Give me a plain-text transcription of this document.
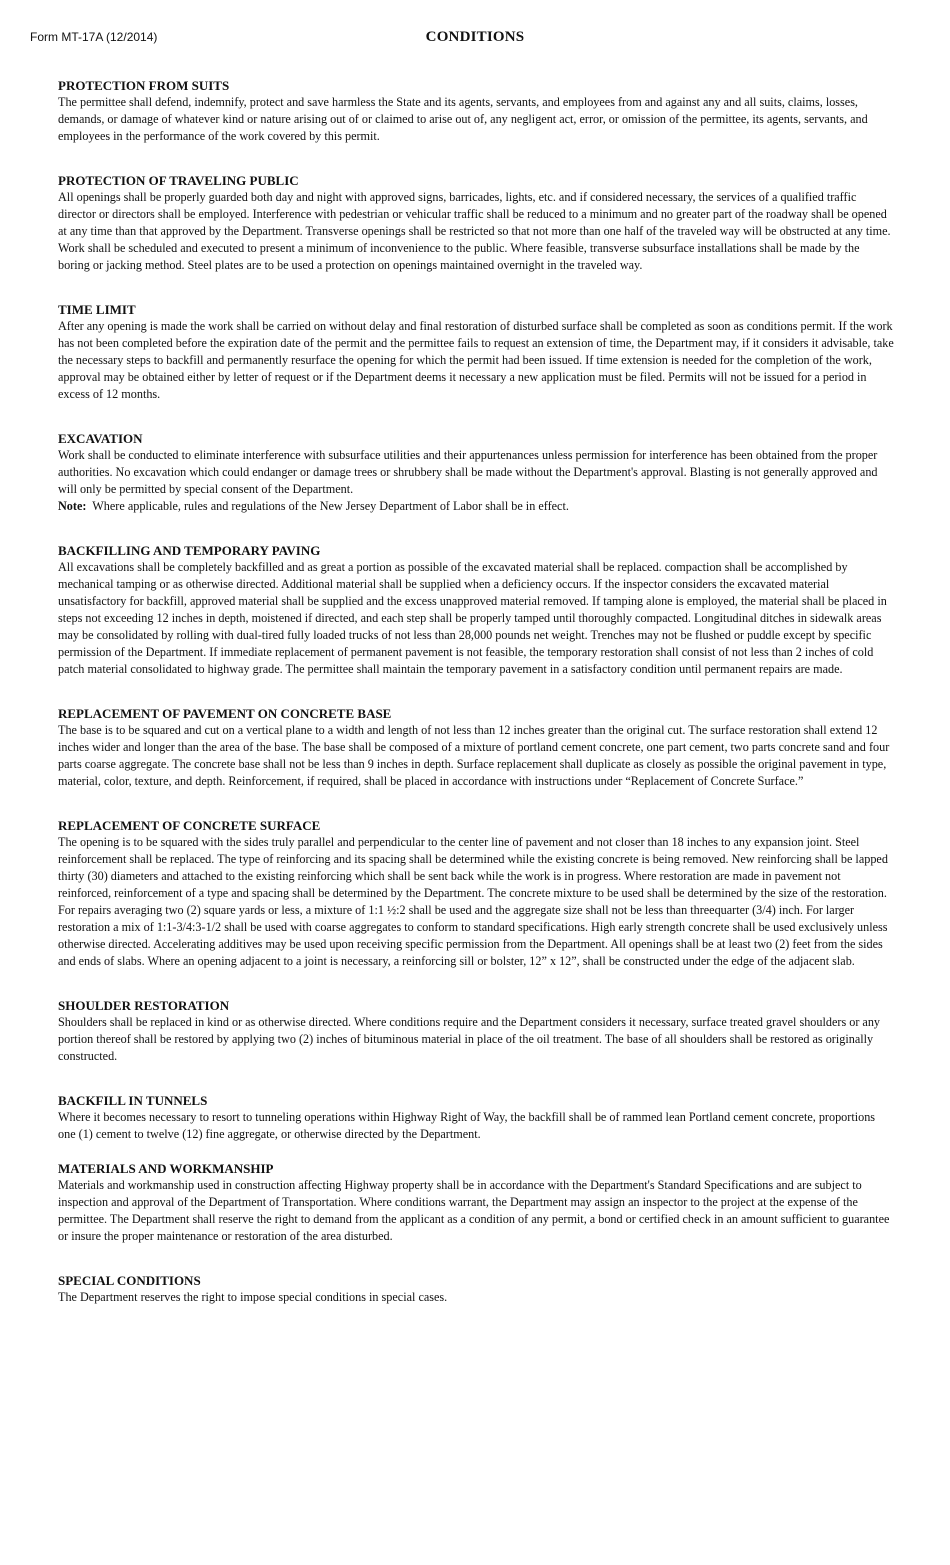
Form MT-17A (12/2014)	CONDITIONS
PROTECTION FROM SUITS

The permittee shall defend, indemnify, protect and save harmless the State and its agents, servants, and employees from and against any and all suits, claims, losses, demands, or damage of whatever kind or nature arising out of or claimed to arise out of, any negligent act, error, or omission of the permittee, its agents, servants, and employees in the performance of the work covered by this permit.

PROTECTION OF TRAVELING PUBLIC

All openings shall be properly guarded both day and night with approved signs, barricades, lights, etc. and if considered necessary, the services of a qualified traffic director or directors shall be employed. Interference with pedestrian or vehicular traffic shall be reduced to a minimum and no greater part of the roadway shall be opened at any time than that approved by the Department. Transverse openings shall be restricted so that not more than one half of the traveled way will be obstructed at any time. Work shall be scheduled and executed to present a minimum of inconvenience to the public. Where feasible, transverse subsurface installations shall be made by the boring or jacking method. Steel plates are to be used a protection on openings maintained overnight in the traveled way.

TIME LIMIT

After any opening is made the work shall be carried on without delay and final restoration of disturbed surface shall be completed as soon as conditions permit. If the work has not been completed before the expiration date of the permit and the permittee fails to request an extension of time, the Department may, if it considers it advisable, take the necessary steps to backfill and permanently resurface the opening for which the permit had been issued. If time extension is needed for the completion of the work, approval may be obtained either by letter of request or if the Department deems it necessary a new application must be filed. Permits will not be issued for a period in excess of 12 months.

EXCAVATION

Work shall be conducted to eliminate interference with subsurface utilities and their appurtenances unless permission for interference has been obtained from the proper authorities. No excavation which could endanger or damage trees or shrubbery shall be made without the Department's approval. Blasting is not generally approved and will only be permitted by special consent of the Department.

Note: Where applicable, rules and regulations of the New Jersey Department of Labor shall be in effect.

BACKFILLING AND TEMPORARY PAVING

All excavations shall be completely backfilled and as great a portion as possible of the excavated material shall be replaced. compaction shall be accomplished by mechanical tamping or as otherwise directed. Additional material shall be supplied when a deficiency occurs. If the inspector considers the excavated material unsatisfactory for backfill, approved material shall be supplied and the excess unapproved material removed. If tamping alone is employed, the material shall be placed in steps not exceeding 12 inches in depth, moistened if directed, and each step shall be properly tamped until thoroughly compacted. Longitudinal ditches in sidewalk areas may be consolidated by rolling with dual-tired fully loaded trucks of not less than 28,000 pounds net weight. Trenches may not be flushed or puddle except by specific permission of the Department. If immediate replacement of permanent pavement is not feasible, the temporary restoration shall consist of not less than 2 inches of cold patch material consolidated to highway grade. The permittee shall maintain the temporary pavement in a satisfactory condition until permanent repairs are made.

REPLACEMENT OF PAVEMENT ON CONCRETE BASE

The base is to be squared and cut on a vertical plane to a width and length of not less than 12 inches greater than the original cut. The surface restoration shall extend 12 inches wider and longer than the area of the base. The base shall be composed of a mixture of portland cement concrete, one part cement, two parts concrete sand and four parts coarse aggregate. The concrete base shall not be less than 9 inches in depth. Surface replacement shall duplicate as closely as possible the original pavement in type, material, color, texture, and depth. Reinforcement, if required, shall be placed in accordance with instructions under “Replacement of Concrete Surface.”

REPLACEMENT OF CONCRETE SURFACE

The opening is to be squared with the sides truly parallel and perpendicular to the center line of pavement and not closer than 18 inches to any expansion joint. Steel reinforcement shall be replaced. The type of reinforcing and its spacing shall be determined while the existing concrete is being removed. New reinforcing shall be lapped thirty (30) diameters and attached to the existing reinforcing which shall be sent back while the work is in progress. Where restoration are made in pavement not reinforced, reinforcement of a type and spacing shall be determined by the Department. The concrete mixture to be used shall be determined by the size of the restoration. For repairs averaging two (2) square yards or less, a mixture of 1:1 ½:2 shall be used and the aggregate size shall not be less than threequarter (3/4) inch. For larger restoration a mix of 1:1-3/4:3-1/2 shall be used with coarse aggregates to conform to standard specifications. High early strength concrete shall be used exclusively unless otherwise directed. Accelerating additives may be used upon receiving specific permission from the Department. All openings shall be at least two (2) feet from the sides and ends of slabs. Where an opening adjacent to a joint is necessary, a reinforcing sill or bolster, 12” x 12”, shall be constructed under the edge of the adjacent slab.

SHOULDER RESTORATION

Shoulders shall be replaced in kind or as otherwise directed. Where conditions require and the Department considers it necessary, surface treated gravel shoulders or any portion thereof shall be restored by applying two (2) inches of bituminous material in place of the oil treatment. The base of all shoulders shall be restored as originally constructed.

BACKFILL IN TUNNELS

Where it becomes necessary to resort to tunneling operations within Highway Right of Way, the backfill shall be of rammed lean Portland cement concrete, proportions one (1) cement to twelve (12) fine aggregate, or otherwise directed by the Department.

MATERIALS AND WORKMANSHIP

Materials and workmanship used in construction affecting Highway property shall be in accordance with the Department's Standard Specifications and are subject to inspection and approval of the Department of Transportation. Where conditions warrant, the Department may assign an inspector to the project at the expense of the permittee. The Department shall reserve the right to demand from the applicant as a condition of any permit, a bond or certified check in an amount sufficient to guarantee or insure the proper maintenance or restoration of the area disturbed.

SPECIAL CONDITIONS

The Department reserves the right to impose special conditions in special cases.
